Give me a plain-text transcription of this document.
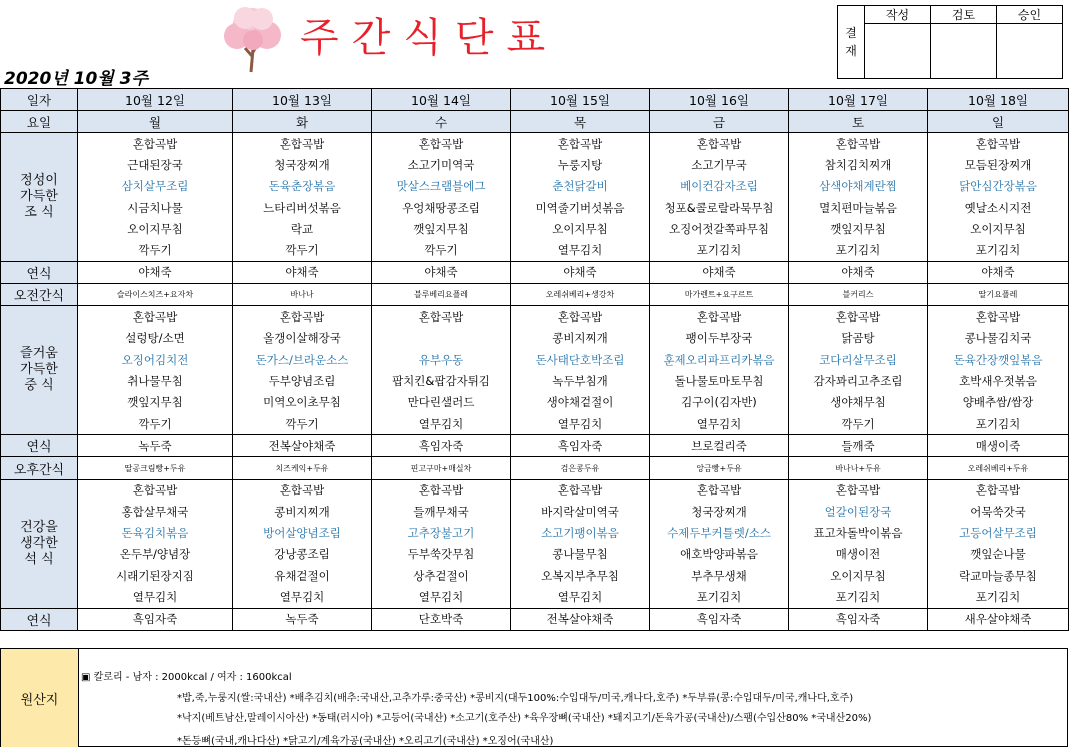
주간식단표
2020년 10월 3주
결재	작성	검토	승인

일자	10월 12일	10월 13일	10월 14일	10월 15일	10월 16일	10월 17일	10월 18일
요일	월	화	수	목	금	토	일
정성이
가득한
조 식	혼합곡밥	혼합곡밥	혼합곡밥	혼합곡밥	혼합곡밥	혼합곡밥	혼합곡밥
	근대된장국	청국장찌개	소고기미역국	누룽지탕	소고기무국	참치김치찌개	모듬된장찌개
	삼치살무조림	돈육춘장볶음	맛살스크램블에그	춘천닭갈비	베이컨감자조림	삼색야채계란찜	닭안심간장볶음
	시금치나물	느타리버섯볶음	우엉채땅콩조림	미역줄기버섯볶음	청포&콜로랄라묵무침	멸치편마늘볶음	옛날소시지전
	오이지무침	락교	깻잎지무침	오이지무침	오징어젓갈쪽파무침	깻잎지무침	오이지무침
	깍두기	깍두기	깍두기	열무김치	포기김치	포기김치	포기김치
연식	야채죽	야채죽	야채죽	야채죽	야채죽	야채죽	야채죽
오전간식	슬라이스치즈+요자차	바나나	블루베리요플레	오레쉬베리+생강차	마가렌트+요구르트	블커리스	딸기요플레
즐거움
가득한
중 식	혼합곡밥	혼합곡밥	혼합곡밥	혼합곡밥	혼합곡밥	혼합곡밥	혼합곡밥
	설렁탕/소면	올갱이살해장국		콩비지찌개	팽이두부장국	닭곰탕	콩나물김치국
	오징어김치전	돈가스/브라운소스	유부우동	돈사태단호박조림	훈제오리파프리카볶음	코다리살무조림	돈육간장깻잎볶음
	취나물무침	두부양념조림	팝치킨&팝감자튀김	녹두부침개	돌나물토마토무침	감자꽈리고추조림	호박새우젓볶음
	깻잎지무침	미역오이초무침	만다린샐러드	생야채겉절이	김구이(김자반)	생야채무침	양배추쌈/쌈장
	깍두기	깍두기	열무김치	열무김치	열무김치	깍두기	포기김치
연식	녹두죽	전복살야채죽	흑임자죽	흑임자죽	브로컬리죽	들깨죽	매생이죽
오후간식	딸공크림빵+두유	치즈케익+두유	핀고구마+매실차	검은콩두유	앙금빵+두유	바나나+두유	오레쉬베리+두유
건강을
생각한
석 식	혼합곡밥	혼합곡밥	혼합곡밥	혼합곡밥	혼합곡밥	혼합곡밥	혼합곡밥
	홍합살무채국	콩비지찌개	들깨무채국	바지락살미역국	청국장찌개	얼갈이된장국	어묵쑥갓국
	돈육김치볶음	방어살양념조림	고추장불고기	소고기팽이볶음	수제두부커틀렛/소스	표고차돌박이볶음	고등어살무조림
	온두부/양념장	강낭콩조림	두부쑥갓무침	콩나물무침	애호박양파볶음	매생이전	깻잎순나물
	시래기된장지짐	유채겉절이	상추겉절이	오복지부추무침	부추무생채	오이지무침	락교마늘종무침
	열무김치	열무김치	열무김치	열무김치	포기김치	포기김치	포기김치
연식	흑임자죽	녹두죽	단호박죽	전복살야채죽	흑임자죽	흑임자죽	새우살야채죽
원산지
▣ 칼로리 - 남자 : 2000kcal / 여자 : 1600kcal
*밥,죽,누룽지(쌀:국내산) *배추김치(배추:국내산,고추가루:중국산) *콩비지(대두100%:수입대두/미국,캐나다,호주) *두부류(콩:수입대두/미국,캐나다,호주)
*낙지(베트남산,말레이시아산) *동태(러시아) *고등어(국내산) *소고기(호주산) *육우장뼈(국내산) *돼지고기/돈육가공(국내산)/스팸(수입산80% *국내산20%)
*돈등뼈(국내,캐나다산) *닭고기/계육가공(국내산) *오리고기(국내산) *오징어(국내산)
